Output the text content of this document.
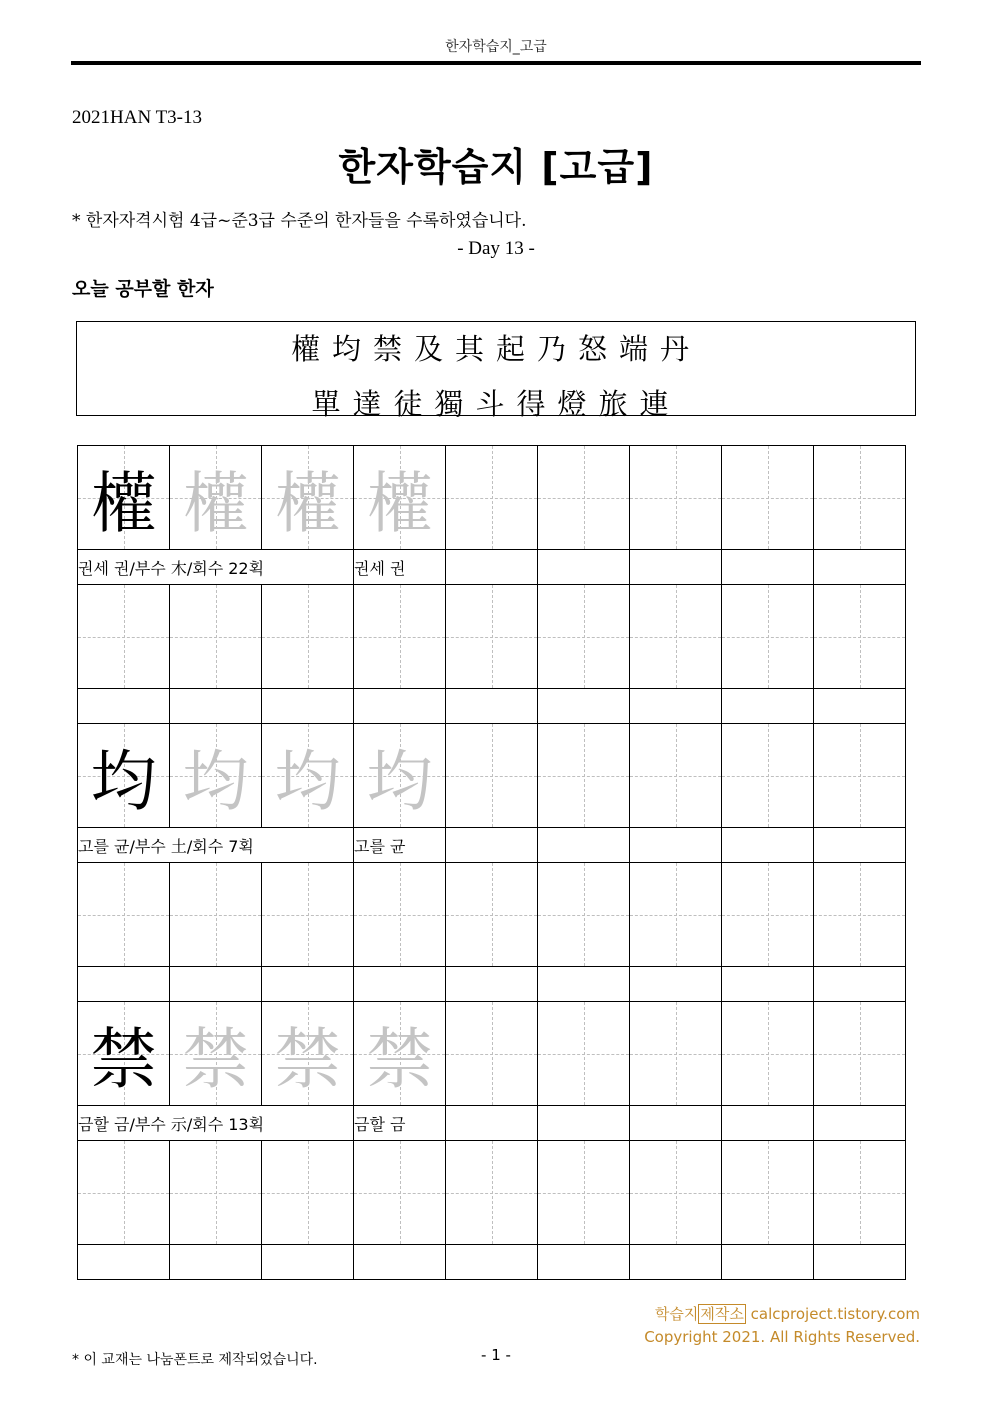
한자학습지_고급
2021HAN T3-13
한자학습지 [고급]
* 한자자격시험 4급~준3급 수준의 한자들을 수록하였습니다.
- Day 13 -
오늘 공부할 한자
權均禁及其起乃怒端丹
單達徒獨斗得燈旅連
權	權	權	權					

권세 권/부수 木/회수 22획			권세 권					

均	均	均	均					

고를 균/부수 土/회수 7획			고를 균					

禁	禁	禁	禁					

금할 금/부수 示/회수 13획			금할 금					

학습지 제작소 calcproject.tistory.com
Copyright 2021. All Rights Reserved.
* 이 교재는 나눔폰트로 제작되었습니다.	- 1 -
